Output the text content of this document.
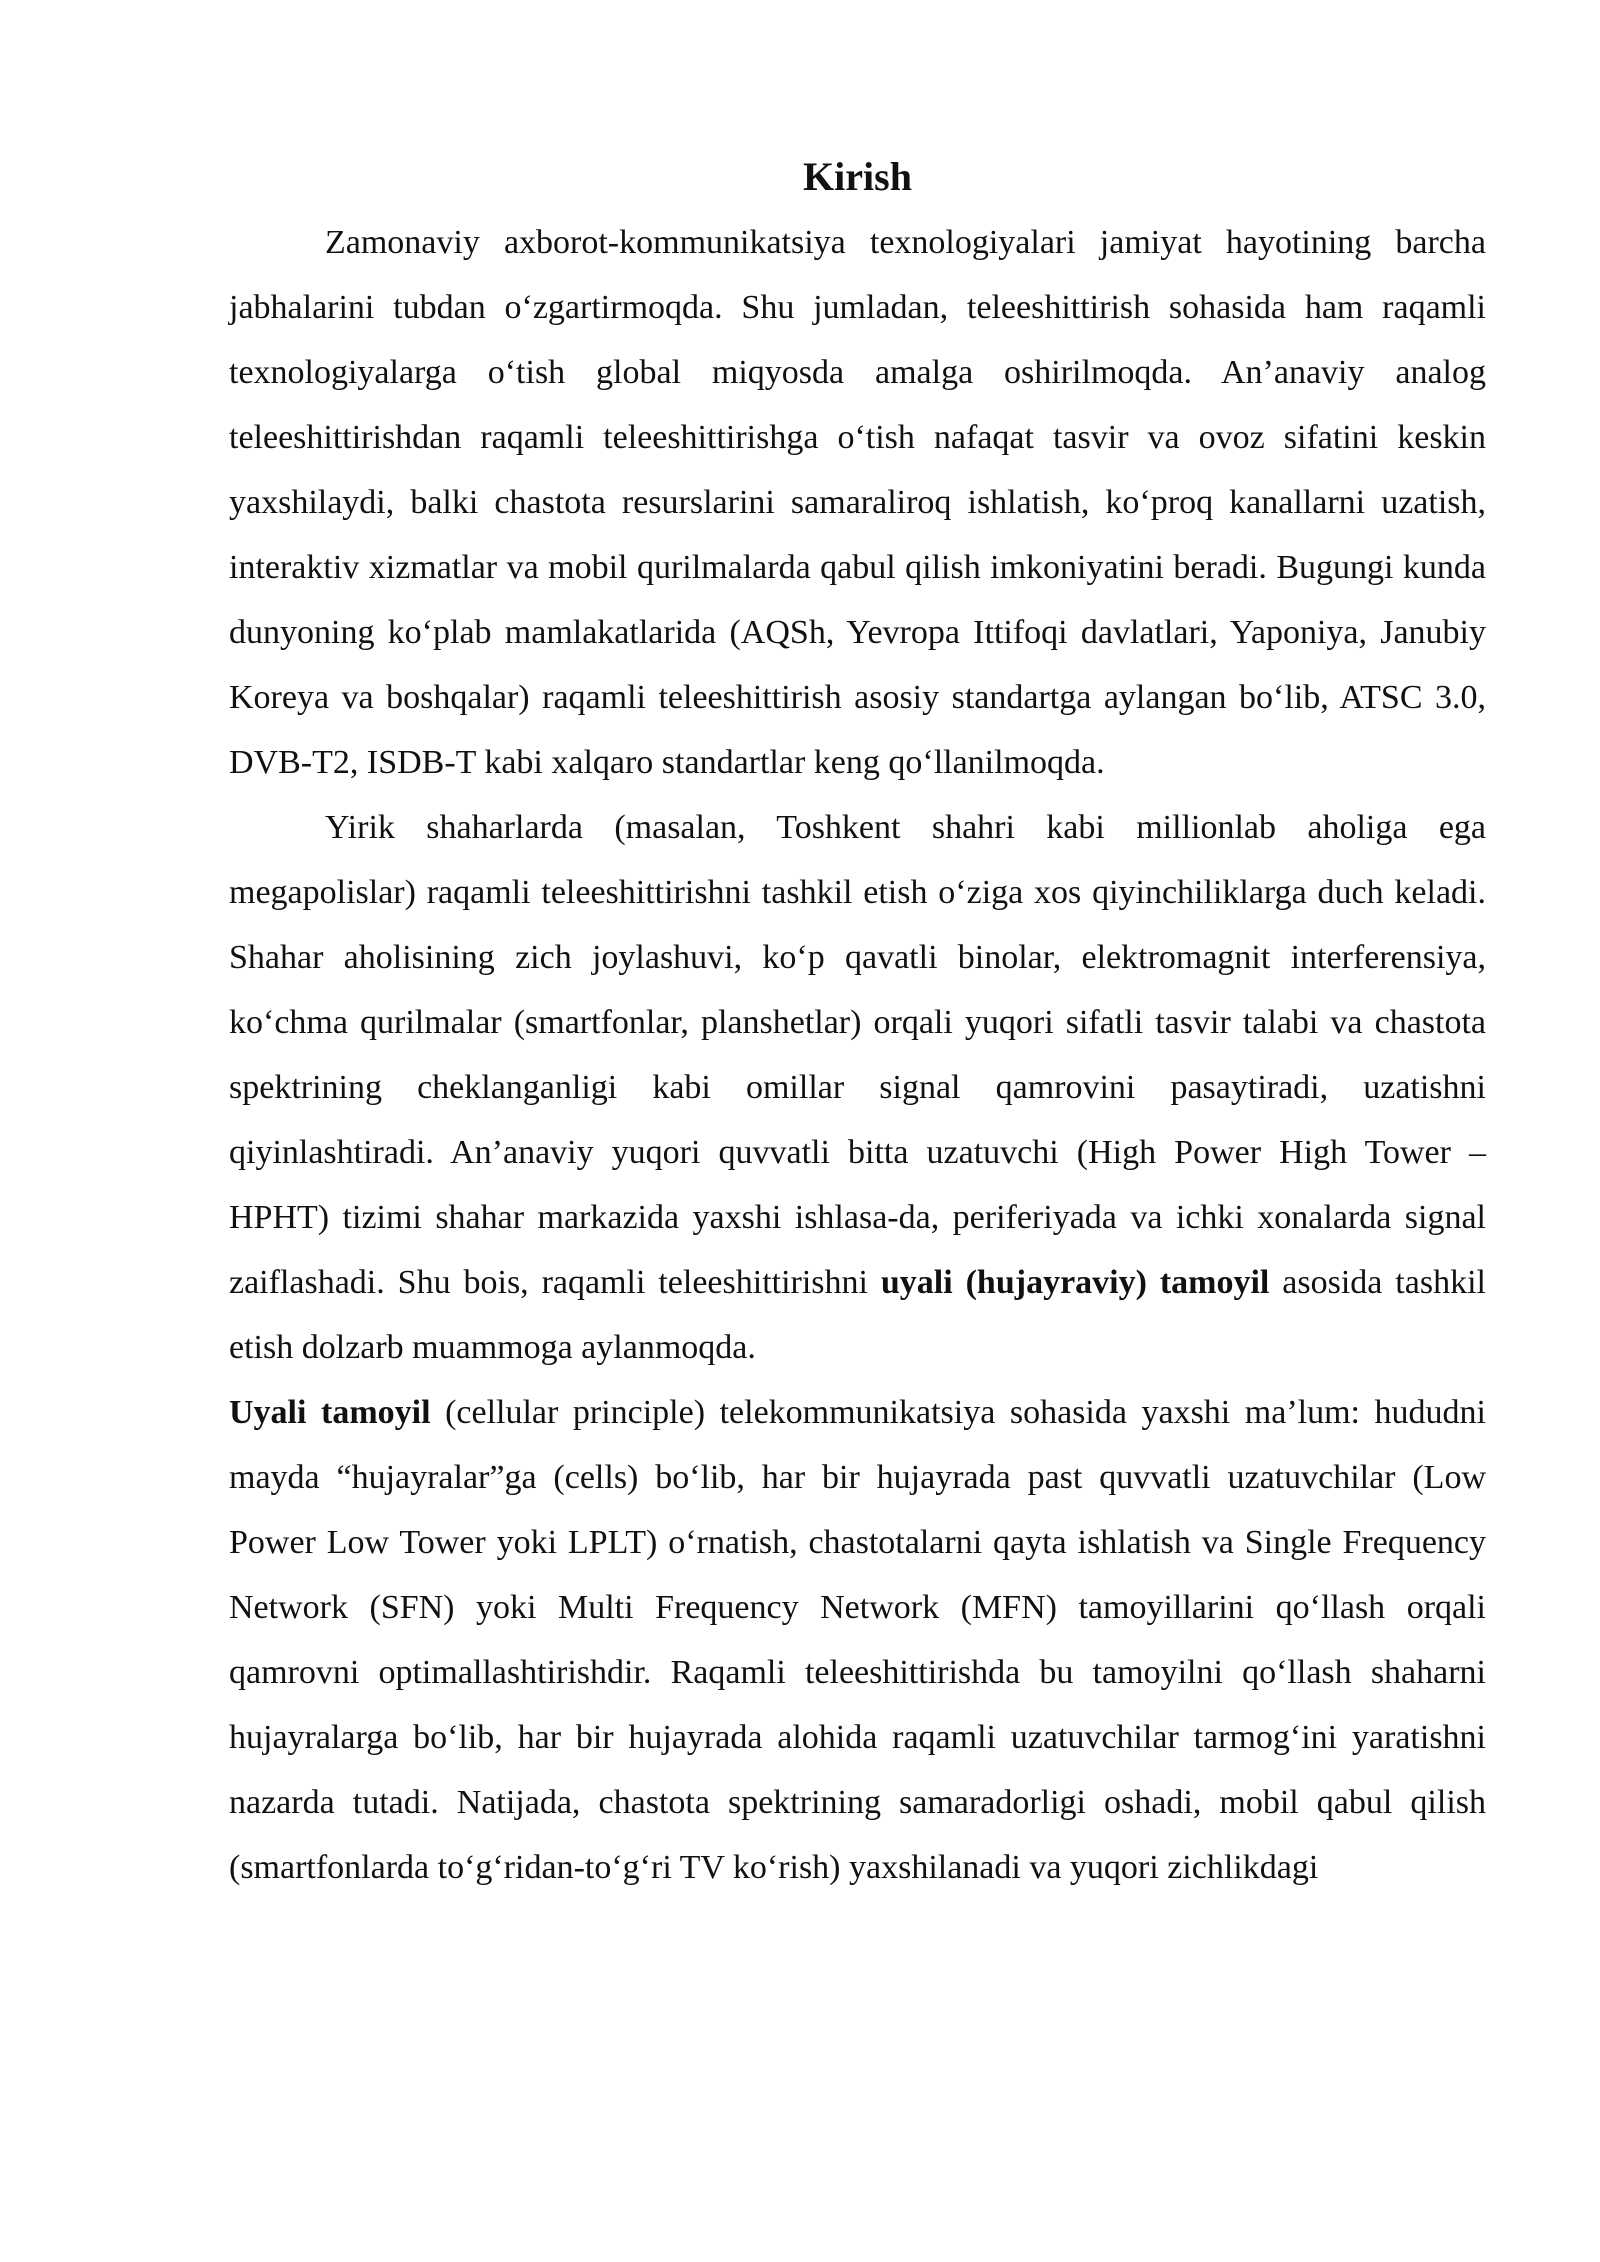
Kirish

Zamonaviy axborot-kommunikatsiya texnologiyalari jamiyat hayotining barcha jabhalarini tubdan o‘zgartirmoqda. Shu jumladan, teleeshittirish sohasida ham raqamli texnologiyalarga o‘tish global miqyosda amalga oshirilmoqda. An’anaviy analog teleeshittirishdan raqamli teleeshittirishga o‘tish nafaqat tasvir va ovoz sifatini keskin yaxshilaydi, balki chastota resurslarini samaraliroq ishlatish, ko‘proq kanallarni uzatish, interaktiv xizmatlar va mobil qurilmalarda qabul qilish imkoniyatini beradi. Bugungi kunda dunyoning ko‘plab mamlakatlarida (AQSh, Yevropa Ittifoqi davlatlari, Yaponiya, Janubiy Koreya va boshqalar) raqamli teleeshittirish asosiy standartga aylangan bo‘lib, ATSC 3.0, DVB-T2, ISDB-T kabi xalqaro standartlar keng qo‘llanilmoqda.

Yirik shaharlarda (masalan, Toshkent shahri kabi millionlab aholiga ega megapolislar) raqamli teleeshittirishni tashkil etish o‘ziga xos qiyinchiliklarga duch keladi. Shahar aholisining zich joylashuvi, ko‘p qavatli binolar, elektromagnit interferensiya, ko‘chma qurilmalar (smartfonlar, planshetlar) orqali yuqori sifatli tasvir talabi va chastota spektrining cheklanganligi kabi omillar signal qamrovini pasaytiradi, uzatishni qiyinlashtiradi. An’anaviy yuqori quvvatli bitta uzatuvchi (High Power High Tower – HPHT) tizimi shahar markazida yaxshi ishlasa-da, periferiyada va ichki xonalarda signal zaiflashadi. Shu bois, raqamli teleeshittirishni uyali (hujayraviy) tamoyil asosida tashkil etish dolzarb muammoga aylanmoqda.

Uyali tamoyil (cellular principle) telekommunikatsiya sohasida yaxshi ma’lum: hududni mayda “hujayralar”ga (cells) bo‘lib, har bir hujayrada past quvvatli uzatuvchilar (Low Power Low Tower yoki LPLT) o‘rnatish, chastotalarni qayta ishlatish va Single Frequency Network (SFN) yoki Multi Frequency Network (MFN) tamoyillarini qo‘llash orqali qamrovni optimallashtirishdir. Raqamli teleeshittirishda bu tamoyilni qo‘llash shaharni hujayralarga bo‘lib, har bir hujayrada alohida raqamli uzatuvchilar tarmog‘ini yaratishni nazarda tutadi. Natijada, chastota spektrining samaradorligi oshadi, mobil qabul qilish (smartfonlarda to‘g‘ridan-to‘g‘ri TV ko‘rish) yaxshilanadi va yuqori zichlikdagi
